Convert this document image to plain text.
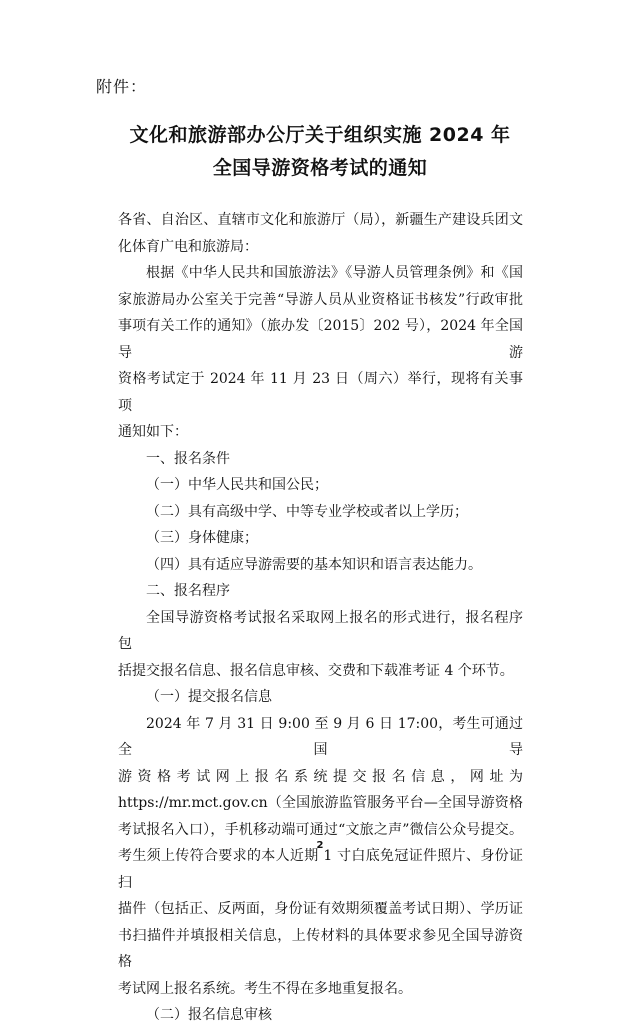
附件：
文化和旅游部办公厅关于组织实施 2024 年
全国导游资格考试的通知

各省、自治区、直辖市文化和旅游厅（局），新疆生产建设兵团文

化体育广电和旅游局：

根据《中华人民共和国旅游法》《导游人员管理条例》和《国

家旅游局办公室关于完善“导游人员从业资格证书核发”行政审批

事项有关工作的通知》（旅办发〔2015〕202 号），2024 年全国导游

资格考试定于 2024 年 11 月 23 日（周六）举行，现将有关事项

通知如下：

一、报名条件

（一）中华人民共和国公民；

（二）具有高级中学、中等专业学校或者以上学历；

（三）身体健康；

（四）具有适应导游需要的基本知识和语言表达能力。

二、报名程序

全国导游资格考试报名采取网上报名的形式进行，报名程序包

括提交报名信息、报名信息审核、交费和下载准考证 4 个环节。

（一）提交报名信息

2024 年 7 月 31 日 9:00 至 9 月 6 日 17:00，考生可通过全国导

游资格考试网上报名系统提交报名信息，网址为

https://mr.mct.gov.cn（全国旅游监管服务平台—全国导游资格

考试报名入口），手机移动端可通过“文旅之声”微信公众号提交。

考生须上传符合要求的本人近期 1 寸白底免冠证件照片、身份证扫

描件（包括正、反两面，身份证有效期须覆盖考试日期）、学历证

书扫描件并填报相关信息，上传材料的具体要求参见全国导游资格

考试网上报名系统。考生不得在多地重复报名。

（二）报名信息审核

2
